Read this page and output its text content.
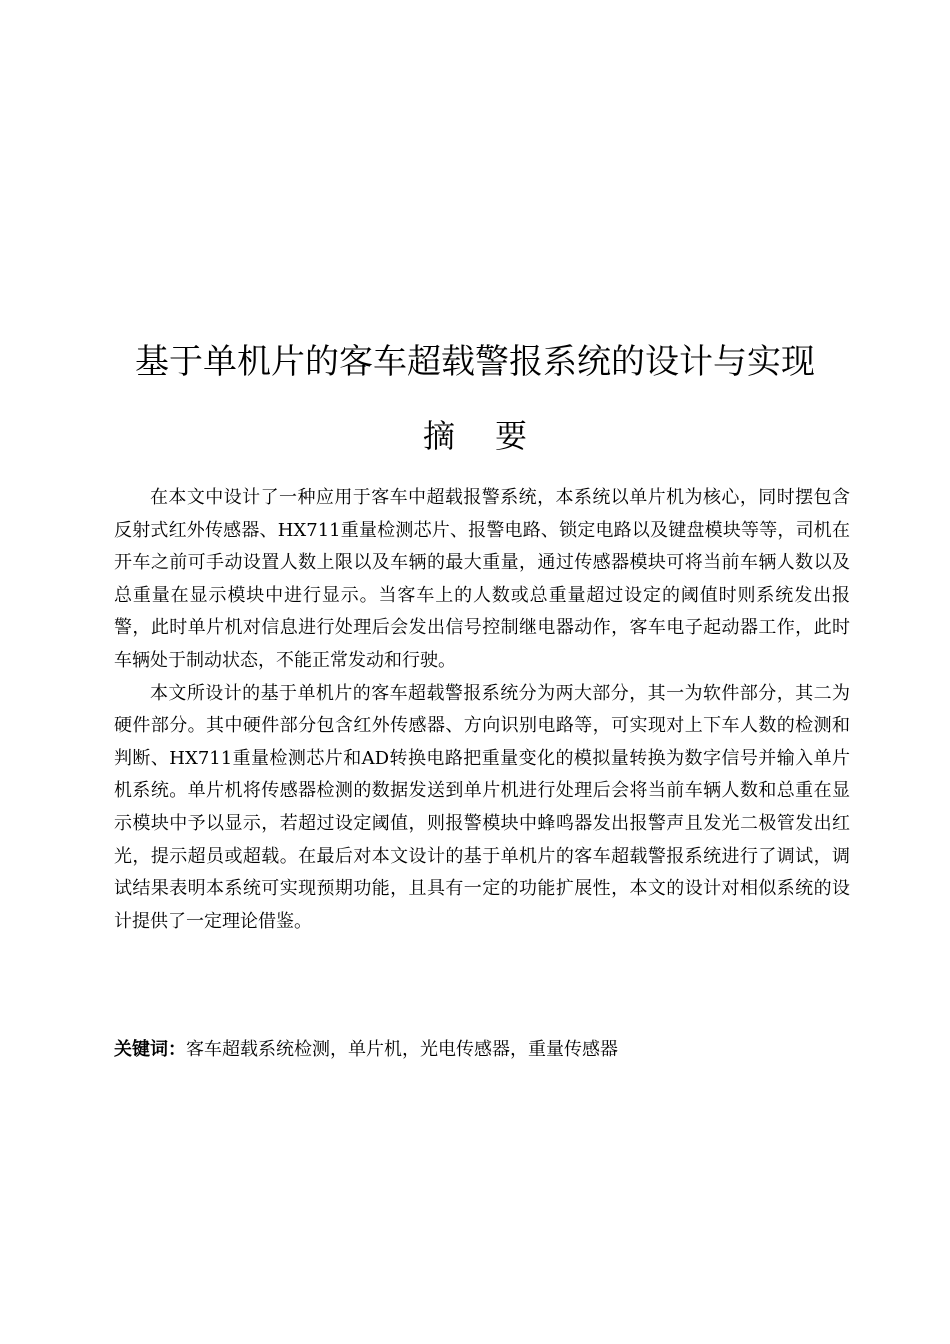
基于单机片的客车超载警报系统的设计与实现
摘要

在本文中设计了一种应用于客车中超载报警系统，本系统以单片机为核心，同时摆包含反射式红外传感器、HX711重量检测芯片、报警电路、锁定电路以及键盘模块等等，司机在开车之前可手动设置人数上限以及车辆的最大重量，通过传感器模块可将当前车辆人数以及总重量在显示模块中进行显示。当客车上的人数或总重量超过设定的阈值时则系统发出报警，此时单片机对信息进行处理后会发出信号控制继电器动作，客车电子起动器工作，此时车辆处于制动状态，不能正常发动和行驶。

本文所设计的基于单机片的客车超载警报系统分为两大部分，其一为软件部分，其二为硬件部分。其中硬件部分包含红外传感器、方向识别电路等，可实现对上下车人数的检测和判断、HX711重量检测芯片和AD转换电路把重量变化的模拟量转换为数字信号并输入单片机系统。单片机将传感器检测的数据发送到单片机进行处理后会将当前车辆人数和总重在显示模块中予以显示，若超过设定阈值，则报警模块中蜂鸣器发出报警声且发光二极管发出红光，提示超员或超载。在最后对本文设计的基于单机片的客车超载警报系统进行了调试，调试结果表明本系统可实现预期功能，且具有一定的功能扩展性，本文的设计对相似系统的设计提供了一定理论借鉴。

关键词：客车超载系统检测，单片机，光电传感器，重量传感器
